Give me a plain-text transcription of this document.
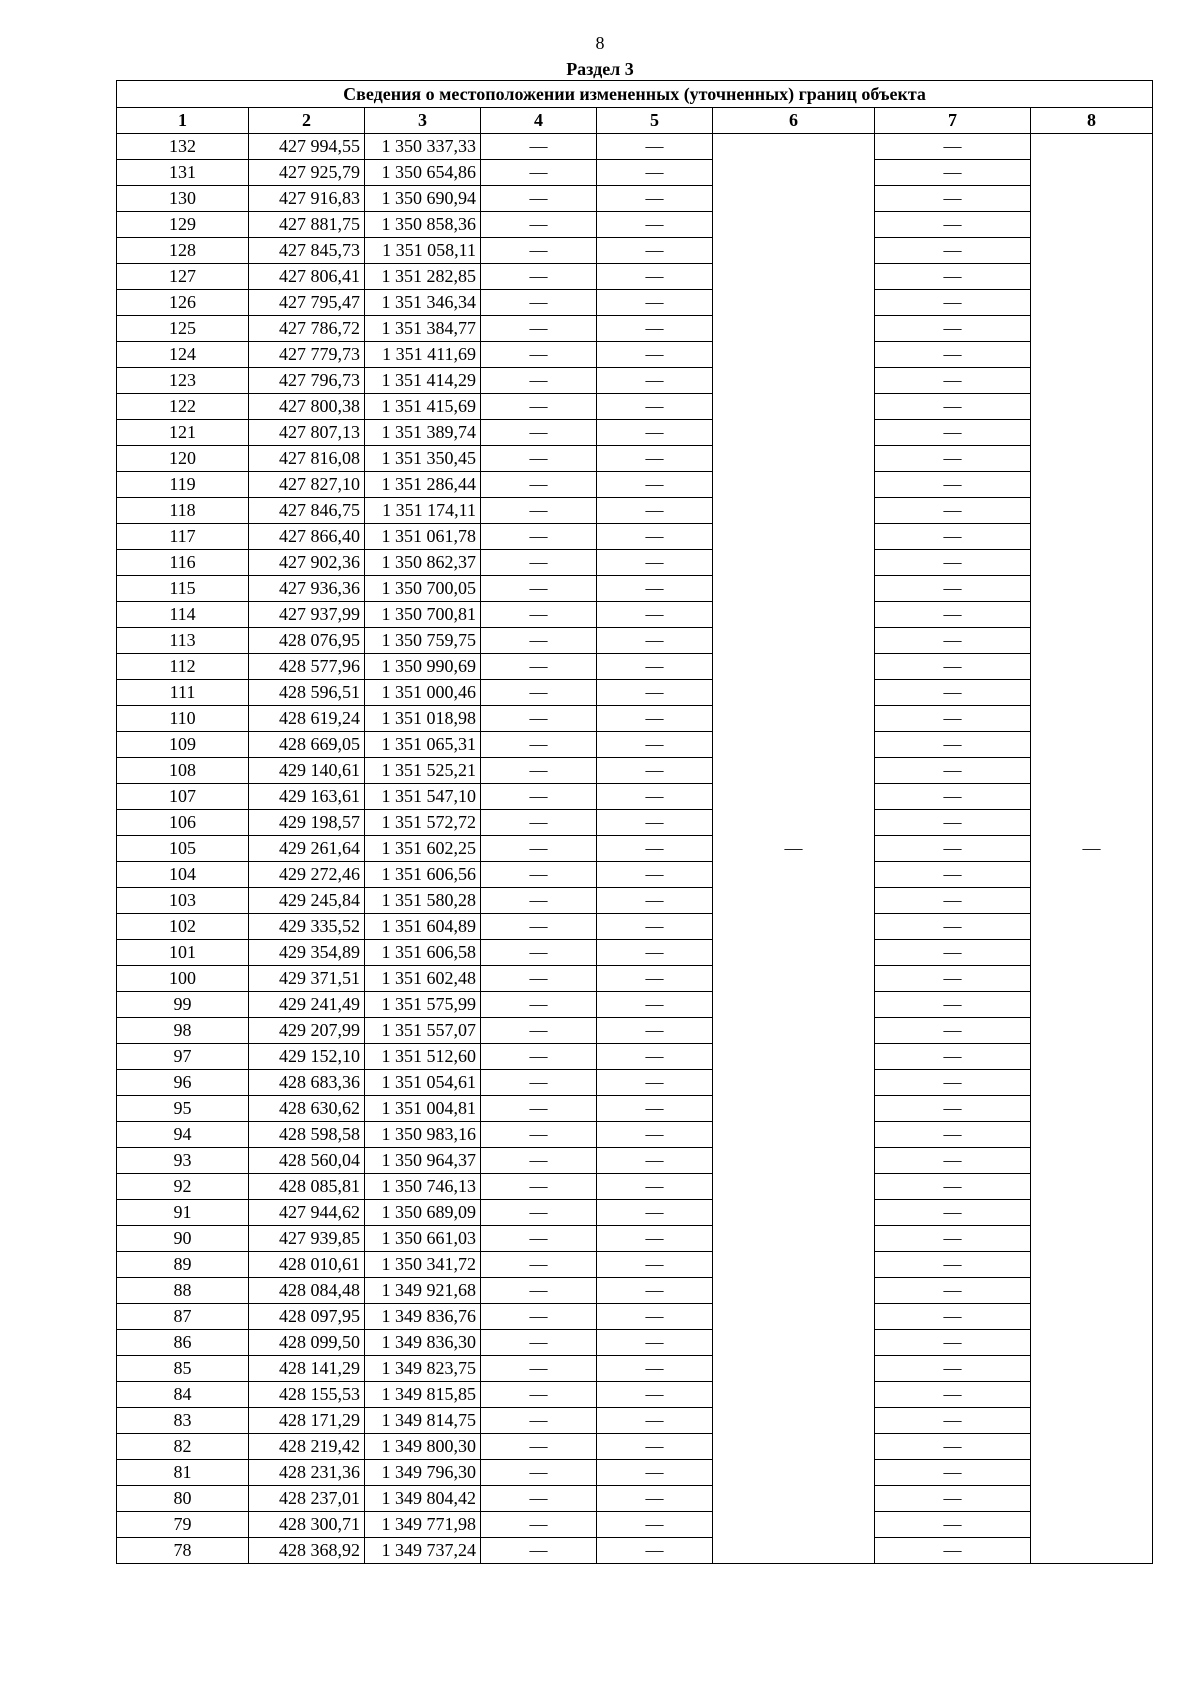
8
Раздел 3
Сведения о местоположении измененных (уточненных) границ объекта							
1	2	3	4	5	6	7	8
132	427 994,55	1 350 337,33	—	—	—	—	—
131	427 925,79	1 350 654,86	—	—		—	
130	427 916,83	1 350 690,94	—	—		—	
129	427 881,75	1 350 858,36	—	—		—	
128	427 845,73	1 351 058,11	—	—		—	
127	427 806,41	1 351 282,85	—	—		—	
126	427 795,47	1 351 346,34	—	—		—	
125	427 786,72	1 351 384,77	—	—		—	
124	427 779,73	1 351 411,69	—	—		—	
123	427 796,73	1 351 414,29	—	—		—	
122	427 800,38	1 351 415,69	—	—		—	
121	427 807,13	1 351 389,74	—	—		—	
120	427 816,08	1 351 350,45	—	—		—	
119	427 827,10	1 351 286,44	—	—		—	
118	427 846,75	1 351 174,11	—	—		—	
117	427 866,40	1 351 061,78	—	—		—	
116	427 902,36	1 350 862,37	—	—		—	
115	427 936,36	1 350 700,05	—	—		—	
114	427 937,99	1 350 700,81	—	—		—	
113	428 076,95	1 350 759,75	—	—		—	
112	428 577,96	1 350 990,69	—	—		—	
111	428 596,51	1 351 000,46	—	—		—	
110	428 619,24	1 351 018,98	—	—		—	
109	428 669,05	1 351 065,31	—	—		—	
108	429 140,61	1 351 525,21	—	—		—	
107	429 163,61	1 351 547,10	—	—		—	
106	429 198,57	1 351 572,72	—	—		—	
105	429 261,64	1 351 602,25	—	—		—	
104	429 272,46	1 351 606,56	—	—		—	
103	429 245,84	1 351 580,28	—	—		—	
102	429 335,52	1 351 604,89	—	—		—	
101	429 354,89	1 351 606,58	—	—		—	
100	429 371,51	1 351 602,48	—	—		—	
99	429 241,49	1 351 575,99	—	—		—	
98	429 207,99	1 351 557,07	—	—		—	
97	429 152,10	1 351 512,60	—	—		—	
96	428 683,36	1 351 054,61	—	—		—	
95	428 630,62	1 351 004,81	—	—		—	
94	428 598,58	1 350 983,16	—	—		—	
93	428 560,04	1 350 964,37	—	—		—	
92	428 085,81	1 350 746,13	—	—		—	
91	427 944,62	1 350 689,09	—	—		—	
90	427 939,85	1 350 661,03	—	—		—	
89	428 010,61	1 350 341,72	—	—		—	
88	428 084,48	1 349 921,68	—	—		—	
87	428 097,95	1 349 836,76	—	—		—	
86	428 099,50	1 349 836,30	—	—		—	
85	428 141,29	1 349 823,75	—	—		—	
84	428 155,53	1 349 815,85	—	—		—	
83	428 171,29	1 349 814,75	—	—		—	
82	428 219,42	1 349 800,30	—	—		—	
81	428 231,36	1 349 796,30	—	—		—	
80	428 237,01	1 349 804,42	—	—		—	
79	428 300,71	1 349 771,98	—	—		—	
78	428 368,92	1 349 737,24	—	—		—	
